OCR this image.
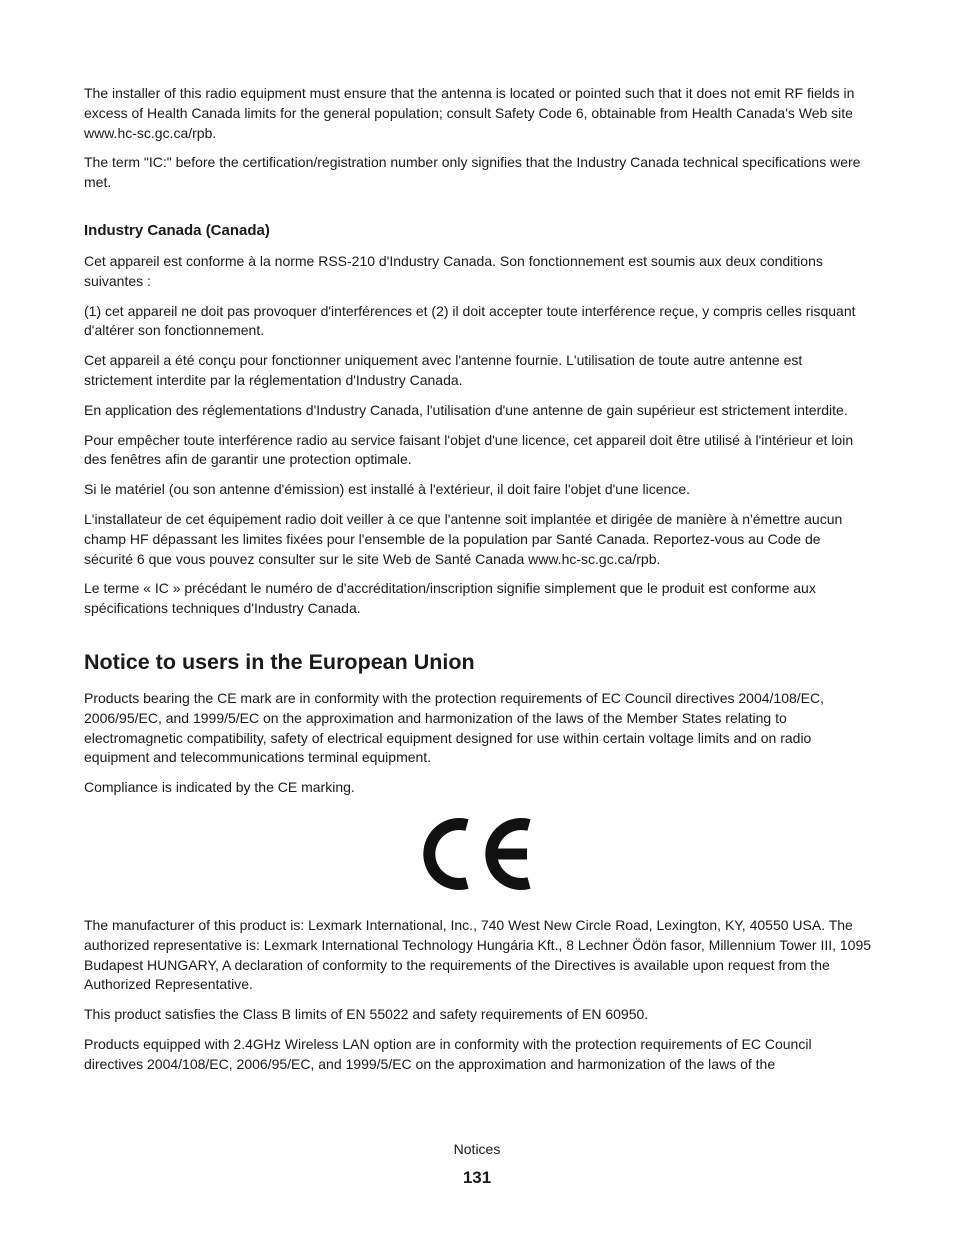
The installer of this radio equipment must ensure that the antenna is located or pointed such that it does not emit RF fields in excess of Health Canada limits for the general population; consult Safety Code 6, obtainable from Health Canada's Web site www.hc-sc.gc.ca/rpb.

The term "IC:" before the certification/registration number only signifies that the Industry Canada technical specifications were met.

Industry Canada (Canada)

Cet appareil est conforme à la norme RSS-210 d'Industry Canada. Son fonctionnement est soumis aux deux conditions suivantes :

(1) cet appareil ne doit pas provoquer d'interférences et (2) il doit accepter toute interférence reçue, y compris celles risquant d'altérer son fonctionnement.

Cet appareil a été conçu pour fonctionner uniquement avec l'antenne fournie. L'utilisation de toute autre antenne est strictement interdite par la réglementation d'Industry Canada.

En application des réglementations d'Industry Canada, l'utilisation d'une antenne de gain supérieur est strictement interdite.

Pour empêcher toute interférence radio au service faisant l'objet d'une licence, cet appareil doit être utilisé à l'intérieur et loin des fenêtres afin de garantir une protection optimale.

Si le matériel (ou son antenne d'émission) est installé à l'extérieur, il doit faire l'objet d'une licence.

L'installateur de cet équipement radio doit veiller à ce que l'antenne soit implantée et dirigée de manière à n'émettre aucun champ HF dépassant les limites fixées pour l'ensemble de la population par Santé Canada. Reportez-vous au Code de sécurité 6 que vous pouvez consulter sur le site Web de Santé Canada www.hc-sc.gc.ca/rpb.

Le terme « IC » précédant le numéro de d'accréditation/inscription signifie simplement que le produit est conforme aux spécifications techniques d'Industry Canada.

Notice to users in the European Union

Products bearing the CE mark are in conformity with the protection requirements of EC Council directives 2004/108/EC, 2006/95/EC, and 1999/5/EC on the approximation and harmonization of the laws of the Member States relating to electromagnetic compatibility, safety of electrical equipment designed for use within certain voltage limits and on radio equipment and telecommunications terminal equipment.

Compliance is indicated by the CE marking.

The manufacturer of this product is: Lexmark International, Inc., 740 West New Circle Road, Lexington, KY, 40550 USA. The authorized representative is: Lexmark International Technology Hungária Kft., 8 Lechner Ödön fasor, Millennium Tower III, 1095 Budapest HUNGARY, A declaration of conformity to the requirements of the Directives is available upon request from the Authorized Representative.

This product satisfies the Class B limits of EN 55022 and safety requirements of EN 60950.

Products equipped with 2.4GHz Wireless LAN option are in conformity with the protection requirements of EC Council directives 2004/108/EC, 2006/95/EC, and 1999/5/EC on the approximation and harmonization of the laws of the

Notices
131
